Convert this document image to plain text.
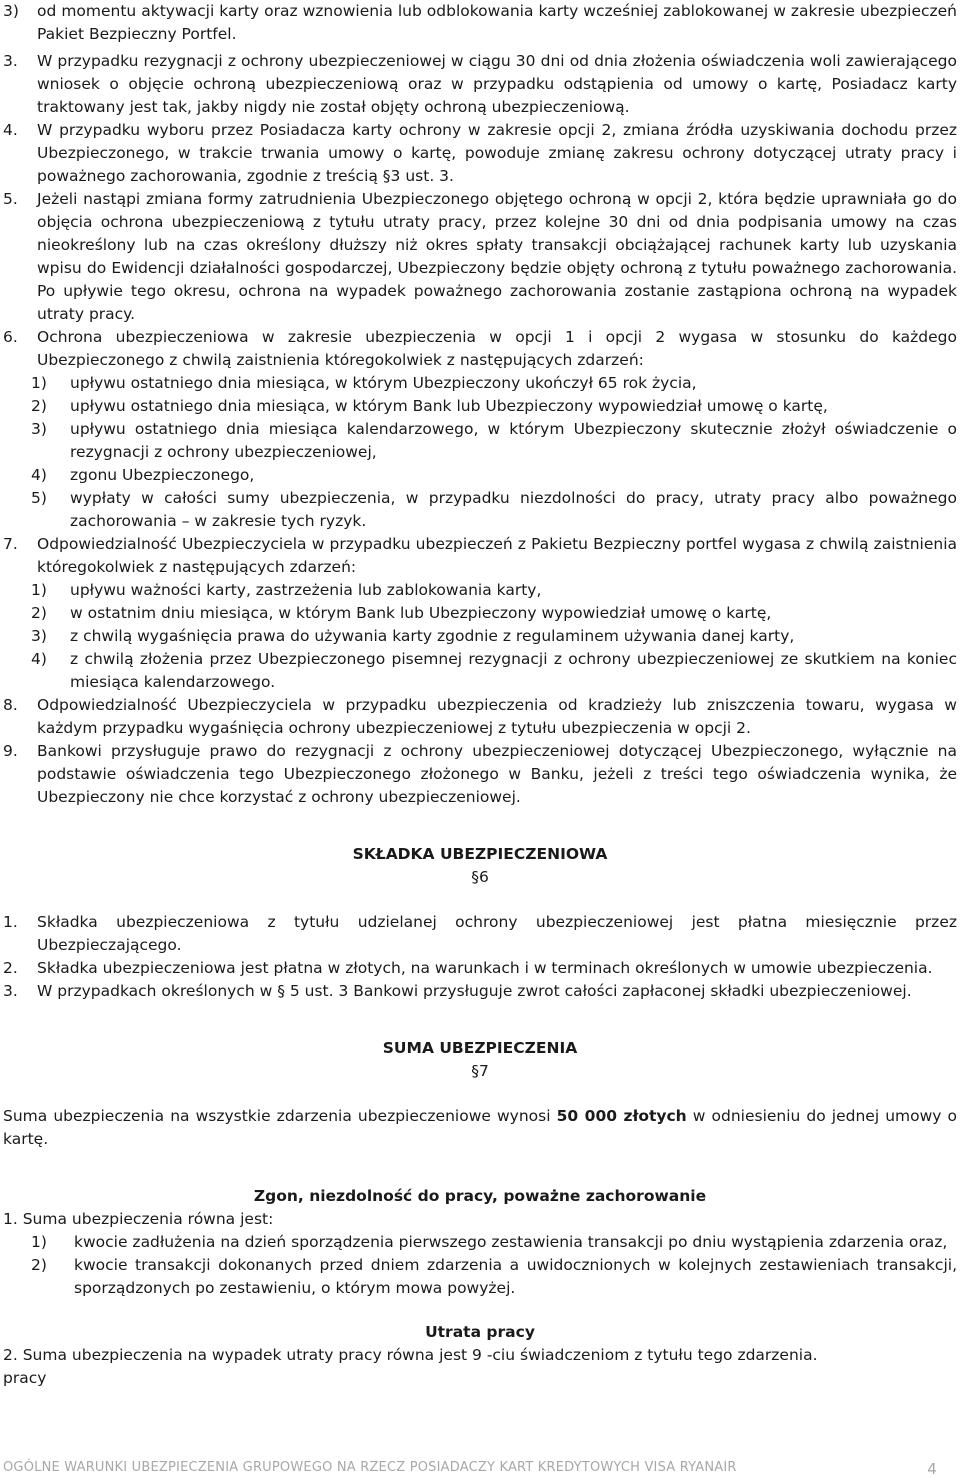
3) od momentu aktywacji karty oraz wznowienia lub odblokowania karty wcześniej zablokowanej w zakresie ubezpieczeń Pakiet Bezpieczny Portfel.
3. W przypadku rezygnacji z ochrony ubezpieczeniowej w ciągu 30 dni od dnia złożenia oświadczenia woli zawierającego wniosek o objęcie ochroną ubezpieczeniową oraz w przypadku odstąpienia od umowy o kartę, Posiadacz karty traktowany jest tak, jakby nigdy nie został objęty ochroną ubezpieczeniową.
4. W przypadku wyboru przez Posiadacza karty ochrony w zakresie opcji 2, zmiana źródła uzyskiwania dochodu przez Ubezpieczonego, w trakcie trwania umowy o kartę, powoduje zmianę zakresu ochrony dotyczącej utraty pracy i poważnego zachorowania, zgodnie z treścią §3 ust. 3.
5. Jeżeli nastąpi zmiana formy zatrudnienia Ubezpieczonego objętego ochroną w opcji 2, która będzie uprawniała go do objęcia ochrona ubezpieczeniową z tytułu utraty pracy, przez kolejne 30 dni od dnia podpisania umowy na czas nieokreślony lub na czas określony dłuższy niż okres spłaty transakcji obciążającej rachunek karty lub uzyskania wpisu do Ewidencji działalności gospodarczej, Ubezpieczony będzie objęty ochroną z tytułu poważnego zachorowania. Po upływie tego okresu, ochrona na wypadek poważnego zachorowania zostanie zastąpiona ochroną na wypadek utraty pracy.
6. Ochrona ubezpieczeniowa w zakresie ubezpieczenia w opcji 1 i opcji 2 wygasa w stosunku do każdego Ubezpieczonego z chwilą zaistnienia któregokolwiek z następujących zdarzeń:
1) upływu ostatniego dnia miesiąca, w którym Ubezpieczony ukończył 65 rok życia,
2) upływu ostatniego dnia miesiąca, w którym Bank lub Ubezpieczony wypowiedział umowę o kartę,
3) upływu ostatniego dnia miesiąca kalendarzowego, w którym Ubezpieczony skutecznie złożył oświadczenie o rezygnacji z ochrony ubezpieczeniowej,
4) zgonu Ubezpieczonego,
5) wypłaty w całości sumy ubezpieczenia, w przypadku niezdolności do pracy, utraty pracy albo poważnego zachorowania – w zakresie tych ryzyk.
7. Odpowiedzialność Ubezpieczyciela w przypadku ubezpieczeń z Pakietu Bezpieczny portfel wygasa z chwilą zaistnienia któregokolwiek z następujących zdarzeń:
1) upływu ważności karty, zastrzeżenia lub zablokowania karty,
2) w ostatnim dniu miesiąca, w którym Bank lub Ubezpieczony wypowiedział umowę o kartę,
3) z chwilą wygaśnięcia prawa do używania karty zgodnie z regulaminem używania danej karty,
4) z chwilą złożenia przez Ubezpieczonego pisemnej rezygnacji z ochrony ubezpieczeniowej ze skutkiem na koniec miesiąca kalendarzowego.
8. Odpowiedzialność Ubezpieczyciela w przypadku ubezpieczenia od kradzieży lub zniszczenia towaru, wygasa w każdym przypadku wygaśnięcia ochrony ubezpieczeniowej z tytułu ubezpieczenia w opcji 2.
9. Bankowi przysługuje prawo do rezygnacji z ochrony ubezpieczeniowej dotyczącej Ubezpieczonego, wyłącznie na podstawie oświadczenia tego Ubezpieczonego złożonego w Banku, jeżeli z treści tego oświadczenia wynika, że Ubezpieczony nie chce korzystać z ochrony ubezpieczeniowej.
SKŁADKA UBEZPIECZENIOWA
§6
1. Składka ubezpieczeniowa z tytułu udzielanej ochrony ubezpieczeniowej jest płatna miesięcznie przez Ubezpieczającego.
2. Składka ubezpieczeniowa jest płatna w złotych, na warunkach i w terminach określonych w umowie ubezpieczenia.
3. W przypadkach określonych w § 5 ust. 3 Bankowi przysługuje zwrot całości zapłaconej składki ubezpieczeniowej.
SUMA UBEZPIECZENIA
§7
Suma ubezpieczenia na wszystkie zdarzenia ubezpieczeniowe wynosi 50 000 złotych w odniesieniu do jednej umowy o kartę.
Zgon, niezdolność do pracy, poważne zachorowanie
1. Suma ubezpieczenia równa jest:
1) kwocie zadłużenia na dzień sporządzenia pierwszego zestawienia transakcji po dniu wystąpienia zdarzenia oraz,
2) kwocie transakcji dokonanych przed dniem zdarzenia a uwidocznionych w kolejnych zestawieniach transakcji, sporządzonych po zestawieniu, o którym mowa powyżej.
Utrata pracy
2. Suma ubezpieczenia na wypadek utraty pracy równa jest 9 -ciu świadczeniom z tytułu tego zdarzenia.
pracy
OGÓLNE WARUNKI UBEZPIECZENIA GRUPOWEGO NA RZECZ POSIADACZY KART KREDYTOWYCH VISA RYANAIR	4
